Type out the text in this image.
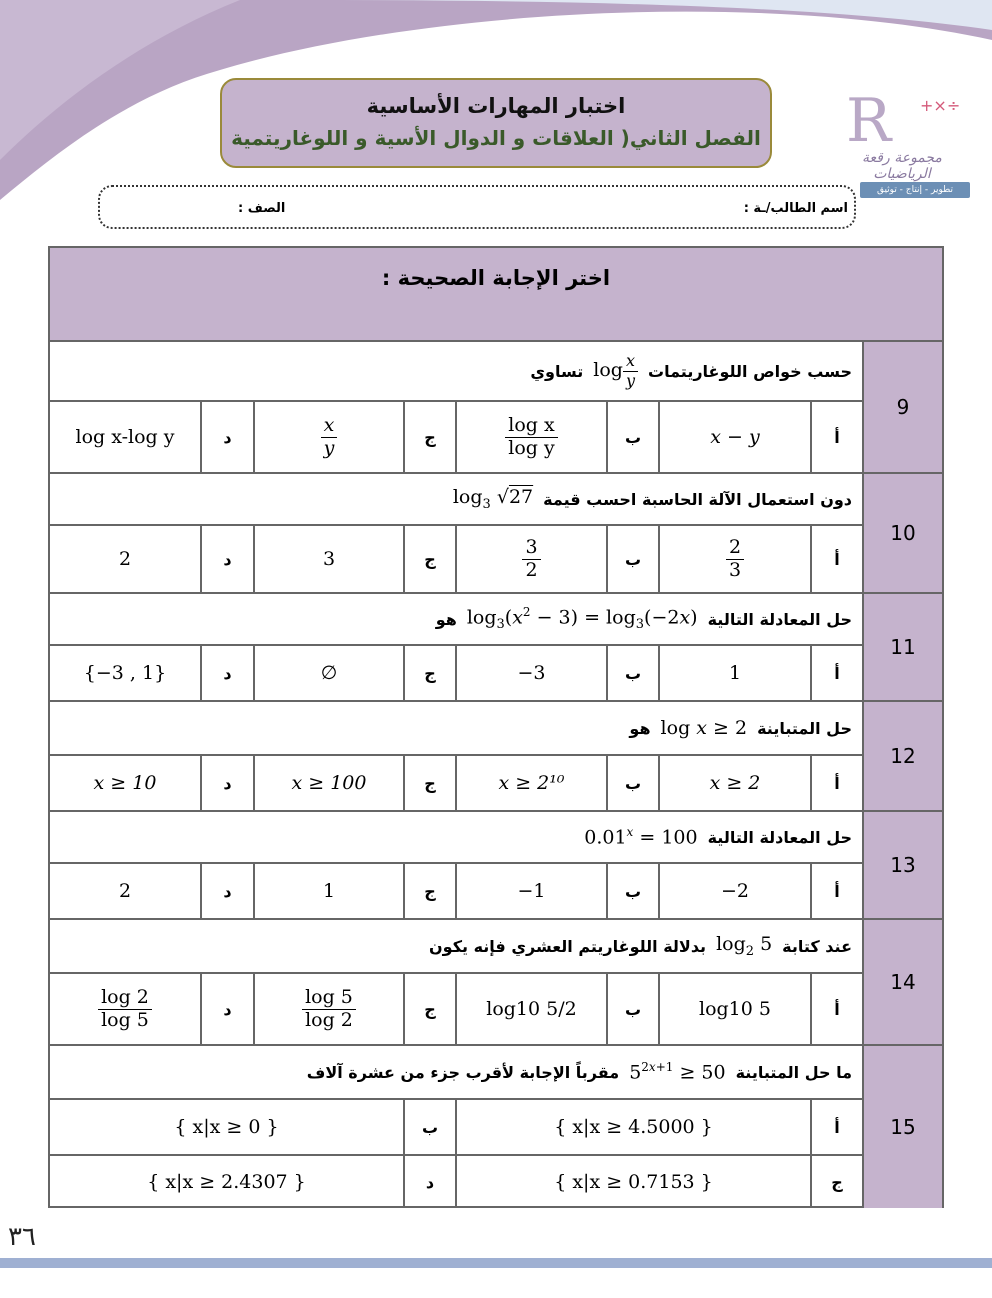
اختبار المهارات الأساسية
الفصل الثاني( العلاقات و الدوال الأسية و اللوغاريتمية R +×÷
مجموعة رقعة الرياضيات
تطوير - إنتاج - توثيق
اسم الطالب/ـة :
الصف :
اختر الإجابة الصحيحة :
9
حسب خواص اللوغاريتمات
$\log \frac{x}{y}$
تساوي
أ
x − y
ب
$\frac{\text{log x}}{\text{log y}}$
ج
$\frac{x}{y}$
د
log x-log y
10
دون استعمال الآلة الحاسبة احسب قيمة
$\log_3 √27$
أ
$\frac{2}{3}$
ب
$\frac{3}{2}$
ج
3
د
2
11
حل المعادلة التالية
$\log_3(x^2 - 3) = \log_3(-2x)$
هو
أ
1
ب
−3
ج
∅
د
{−3 , 1}
12
حل المتباينة
log x ≥ 2
هو
أ
x ≥ 2
ب
x ≥ 2¹⁰
ج
x ≥ 100
د
x ≥ 10
13
حل المعادلة التالية
$0.01^x = 100$
أ
−2
ب
−1
ج
1
د
2
14
عند كتابة
$\log_2 5$
بدلالة اللوغاريتم العشري فإنه يكون
أ
log10 5
ب
log10 5/2
ج
$\frac{\log 5}{\log 2}$
د
$\frac{\log 2}{\log 5}$
15
ما حل المتباينة
$5^{2x+1} \ge 50$
مقرباً الإجابة لأقرب جزء من عشرة آلاف
أ
{ x|x ≥ 4.5000 }
ب
{ x|x ≥ 0 }
ج
{ x|x ≥ 0.7153 }
د
{ x|x ≥ 2.4307 }
٣٦
